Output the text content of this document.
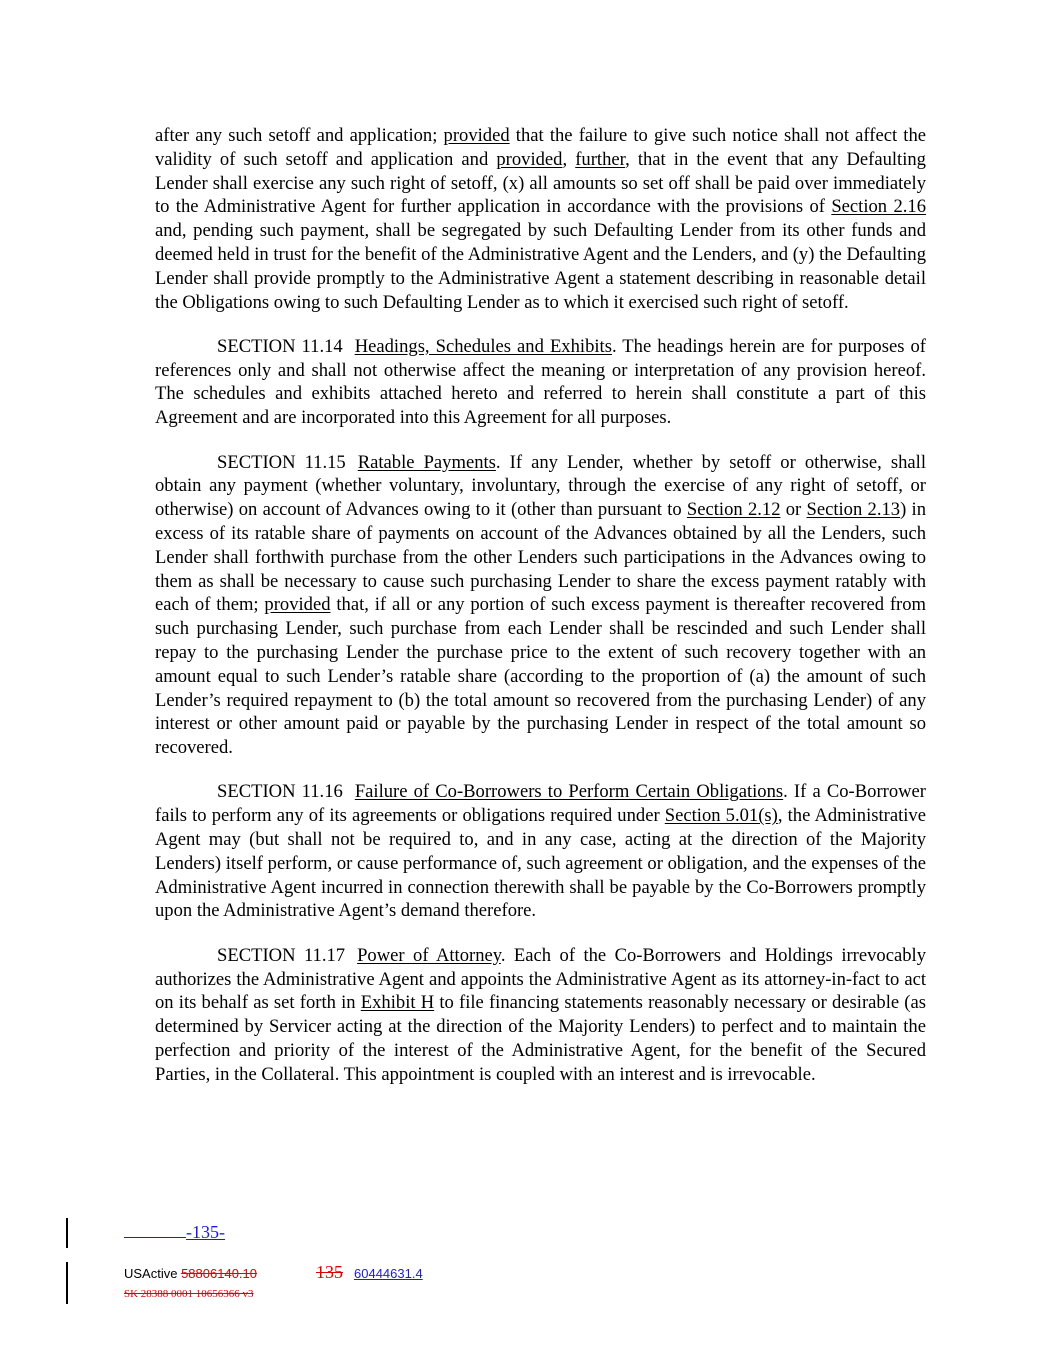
after any such setoff and application; provided that the failure to give such notice shall not affect the validity of such setoff and application and provided, further, that in the event that any Defaulting Lender shall exercise any such right of setoff, (x) all amounts so set off shall be paid over immediately to the Administrative Agent for further application in accordance with the provisions of Section 2.16 and, pending such payment, shall be segregated by such Defaulting Lender from its other funds and deemed held in trust for the benefit of the Administrative Agent and the Lenders, and (y) the Defaulting Lender shall provide promptly to the Administrative Agent a statement describing in reasonable detail the Obligations owing to such Defaulting Lender as to which it exercised such right of setoff.

SECTION 11.14 Headings, Schedules and Exhibits. The headings herein are for purposes of references only and shall not otherwise affect the meaning or interpretation of any provision hereof. The schedules and exhibits attached hereto and referred to herein shall constitute a part of this Agreement and are incorporated into this Agreement for all purposes.

SECTION 11.15 Ratable Payments. If any Lender, whether by setoff or otherwise, shall obtain any payment (whether voluntary, involuntary, through the exercise of any right of setoff, or otherwise) on account of Advances owing to it (other than pursuant to Section 2.12 or Section 2.13) in excess of its ratable share of payments on account of the Advances obtained by all the Lenders, such Lender shall forthwith purchase from the other Lenders such participations in the Advances owing to them as shall be necessary to cause such purchasing Lender to share the excess payment ratably with each of them; provided that, if all or any portion of such excess payment is thereafter recovered from such purchasing Lender, such purchase from each Lender shall be rescinded and such Lender shall repay to the purchasing Lender the purchase price to the extent of such recovery together with an amount equal to such Lender’s ratable share (according to the proportion of (a) the amount of such Lender’s required repayment to (b) the total amount so recovered from the purchasing Lender) of any interest or other amount paid or payable by the purchasing Lender in respect of the total amount so recovered.

SECTION 11.16 Failure of Co-Borrowers to Perform Certain Obligations. If a Co-Borrower fails to perform any of its agreements or obligations required under Section 5.01(s), the Administrative Agent may (but shall not be required to, and in any case, acting at the direction of the Majority Lenders) itself perform, or cause performance of, such agreement or obligation, and the expenses of the Administrative Agent incurred in connection therewith shall be payable by the Co-Borrowers promptly upon the Administrative Agent’s demand therefore.

SECTION 11.17 Power of Attorney. Each of the Co-Borrowers and Holdings irrevocably authorizes the Administrative Agent and appoints the Administrative Agent as its attorney-in-fact to act on its behalf as set forth in Exhibit H to file financing statements reasonably necessary or desirable (as determined by Servicer acting at the direction of the Majority Lenders) to perfect and to maintain the perfection and priority of the interest of the Administrative Agent, for the benefit of the Secured Parties, in the Collateral. This appointment is coupled with an interest and is irrevocable.

-135-
USActive 58806140.10	135 60444631.4
SK 28388 0001 10656366 v3
